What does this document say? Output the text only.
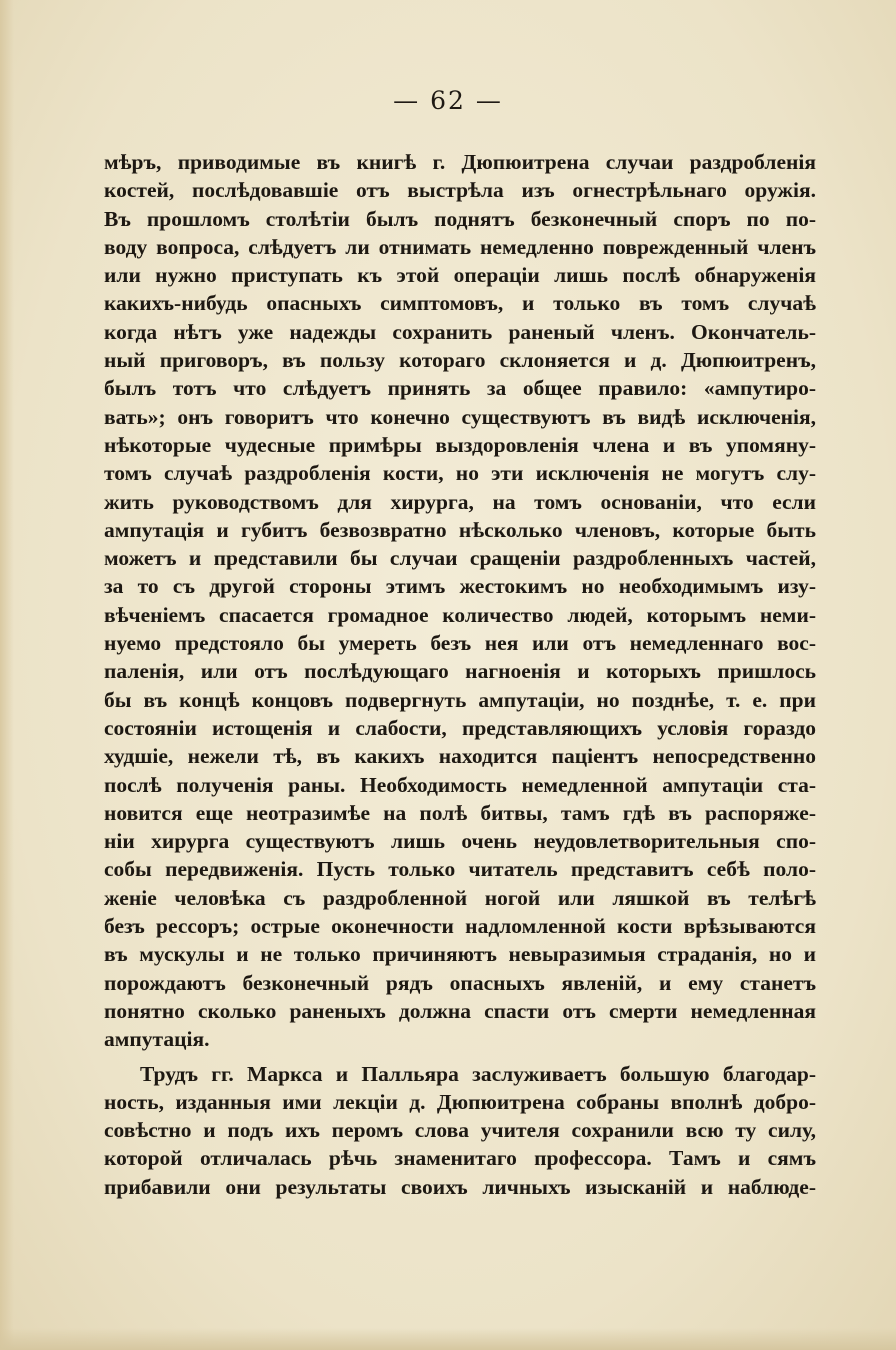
— 62 —
мѣръ, приводимые въ книгѣ г. Дюпюитрена случаи раздробленія
костей, послѣдовавшіе отъ выстрѣла изъ огнестрѣльнаго оружія.
Въ прошломъ столѣтіи былъ поднятъ безконечный споръ по по-
воду вопроса, слѣдуетъ ли отнимать немедленно поврежденный членъ
или нужно приступать къ этой операціи лишь послѣ обнаруженія
какихъ-нибудь опасныхъ симптомовъ, и только въ томъ случаѣ
когда нѣтъ уже надежды сохранить раненый членъ. Окончатель-
ный приговоръ, въ пользу котораго склоняется и д. Дюпюитренъ,
былъ тотъ что слѣдуетъ принять за общее правило: «ампутиро-
вать»; онъ говоритъ что конечно существуютъ въ видѣ исключенія,
нѣкоторые чудесные примѣры выздоровленія члена и въ упомяну-
томъ случаѣ раздробленія кости, но эти исключенія не могутъ слу-
жить руководствомъ для хирурга, на томъ основаніи, что если
ампутація и губитъ безвозвратно нѣсколько членовъ, которые быть
можетъ и представили бы случаи сращеніи раздробленныхъ частей,
за то съ другой стороны этимъ жестокимъ но необходимымъ изу-
вѣченіемъ спасается громадное количество людей, которымъ неми-
нуемо предстояло бы умереть безъ нея или отъ немедленнаго вос-
паленія, или отъ послѣдующаго нагноенія и которыхъ пришлось
бы въ концѣ концовъ подвергнуть ампутаціи, но позднѣе, т. е. при
состояніи истощенія и слабости, представляющихъ условія гораздо
худшіе, нежели тѣ, въ какихъ находится паціентъ непосредственно
послѣ полученія раны. Необходимость немедленной ампутаціи ста-
новится еще неотразимѣе на полѣ битвы, тамъ гдѣ въ распоряже-
ніи хирурга существуютъ лишь очень неудовлетворительныя спо-
собы передвиженія. Пусть только читатель представитъ себѣ поло-
женіе человѣка съ раздробленной ногой или ляшкой въ телѣгѣ
безъ рессоръ; острые оконечности надломленной кости врѣзываются
въ мускулы и не только причиняютъ невыразимыя страданія, но и
порождаютъ безконечный рядъ опасныхъ явленій, и ему станетъ
понятно сколько раненыхъ должна спасти отъ смерти немедленная
ампутація.
Трудъ гг. Маркса и Палльяра заслуживаетъ большую благодар-
ность, изданныя ими лекціи д. Дюпюитрена собраны вполнѣ добро-
совѣстно и подъ ихъ перомъ слова учителя сохранили всю ту силу,
которой отличалась рѣчь знаменитаго профессора. Тамъ и сямъ
прибавили они результаты своихъ личныхъ изысканій и наблюде-
